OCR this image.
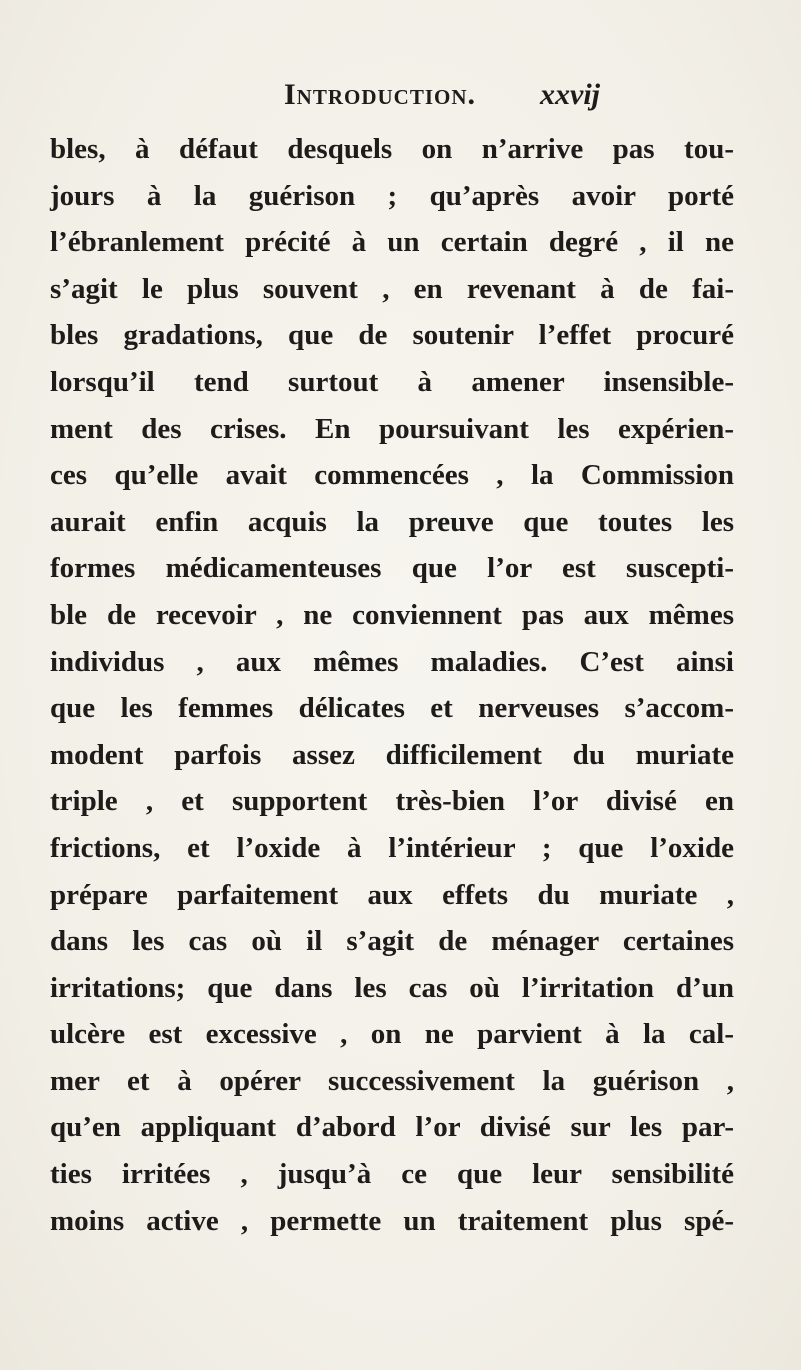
Introduction. xxvij
bles, à défaut desquels on n’arrive pas tou-
jours à la guérison ; qu’après avoir porté
l’ébranlement précité à un certain degré , il ne
s’agit le plus souvent , en revenant à de fai-
bles gradations, que de soutenir l’effet procuré
lorsqu’il tend surtout à amener insensible-
ment des crises. En poursuivant les expérien-
ces qu’elle avait commencées , la Commission
aurait enfin acquis la preuve que toutes les
formes médicamenteuses que l’or est suscepti-
ble de recevoir , ne conviennent pas aux mêmes
individus , aux mêmes maladies. C’est ainsi
que les femmes délicates et nerveuses s’accom-
modent parfois assez difficilement du muriate
triple , et supportent très-bien l’or divisé en
frictions, et l’oxide à l’intérieur ; que l’oxide
prépare parfaitement aux effets du muriate ,
dans les cas où il s’agit de ménager certaines
irritations; que dans les cas où l’irritation d’un
ulcère est excessive , on ne parvient à la cal-
mer et à opérer successivement la guérison ,
qu’en appliquant d’abord l’or divisé sur les par-
ties irritées , jusqu’à ce que leur sensibilité
moins active , permette un traitement plus spé-
